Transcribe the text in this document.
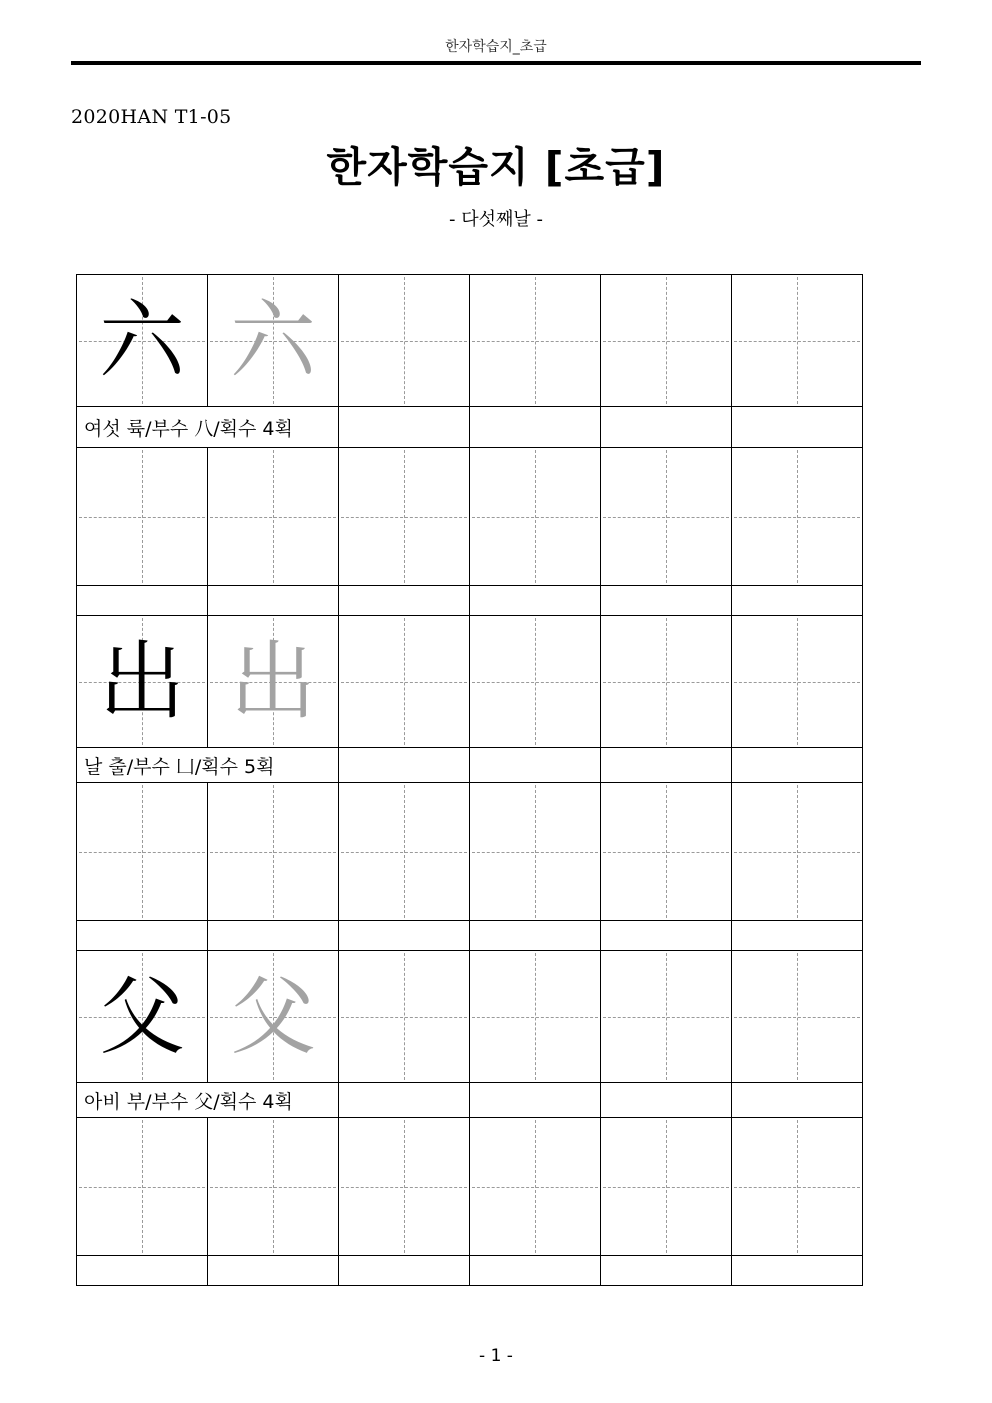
한자학습지_초급
2020HAN T1-05
한자학습지 [초급]
- 다섯째날 -
六	六				

여섯 륙/부수 八/획수 4획					

出	出				

날 출/부수 凵/획수 5획					

父	父				

아비 부/부수 父/획수 4획					

- 1 -
